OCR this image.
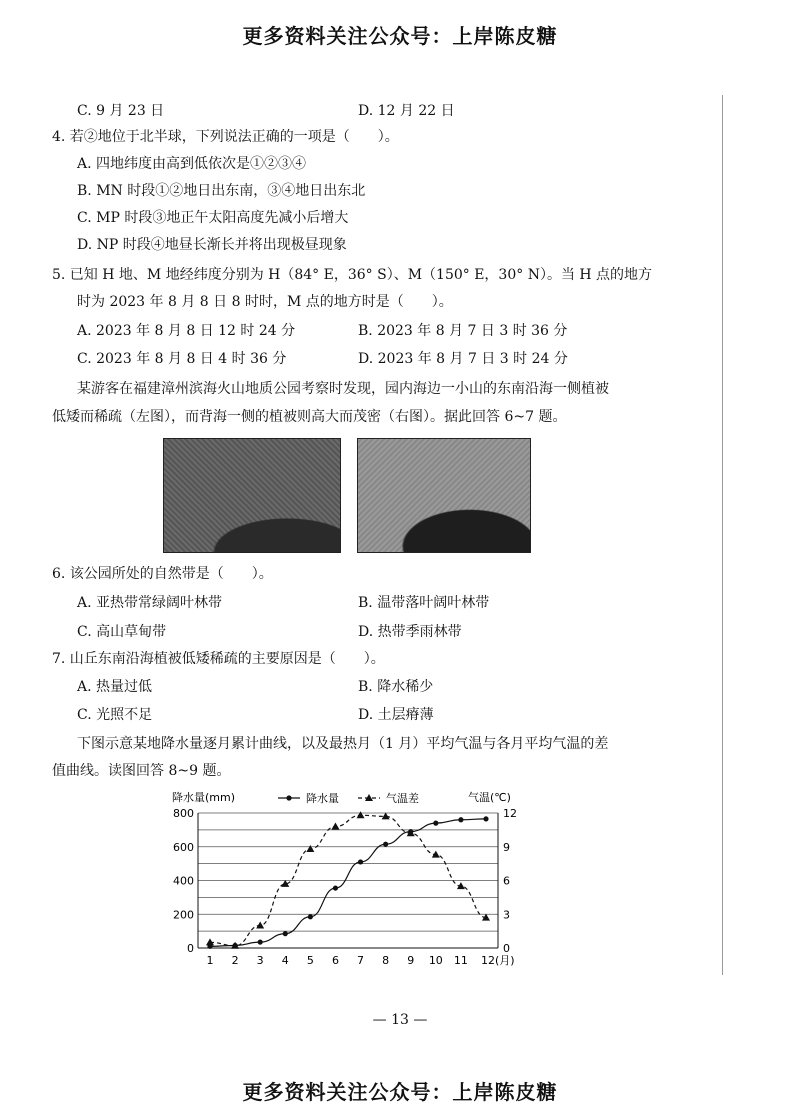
更多资料关注公众号：上岸陈皮糖
C. 9 月 23 日	D. 12 月 22 日
4. 若②地位于北半球，下列说法正确的一项是（　　）。
A. 四地纬度由高到低依次是①②③④
B. MN 时段①②地日出东南，③④地日出东北
C. MP 时段③地正午太阳高度先减小后增大
D. NP 时段④地昼长渐长并将出现极昼现象
5. 已知 H 地、M 地经纬度分别为 H（84° E，36° S）、M（150° E，30° N）。当 H 点的地方
时为 2023 年 8 月 8 日 8 时时，M 点的地方时是（　　）。
A. 2023 年 8 月 8 日 12 时 24 分	B. 2023 年 8 月 7 日 3 时 36 分
C. 2023 年 8 月 8 日 4 时 36 分	D. 2023 年 8 月 7 日 3 时 24 分
某游客在福建漳州滨海火山地质公园考察时发现，园内海边一小山的东南沿海一侧植被
低矮而稀疏（左图），而背海一侧的植被则高大而茂密（右图）。据此回答 6~7 题。
6. 该公园所处的自然带是（　　）。
A. 亚热带常绿阔叶林带	B. 温带落叶阔叶林带
C. 高山草甸带	D. 热带季雨林带
7. 山丘东南沿海植被低矮稀疏的主要原因是（　　）。
A. 热量过低	B. 降水稀少
C. 光照不足	D. 土层瘠薄
下图示意某地降水量逐月累计曲线，以及最热月（1 月）平均气温与各月平均气温的差
值曲线。读图回答 8~9 题。
0
200
400
600
800
0
3
6
9
12
1 2 3 4 5 6 7 8 9 10 11 12(月)
降水量(mm)	气温(℃)
降水量	气温差
— 13 —
更多资料关注公众号：上岸陈皮糖
